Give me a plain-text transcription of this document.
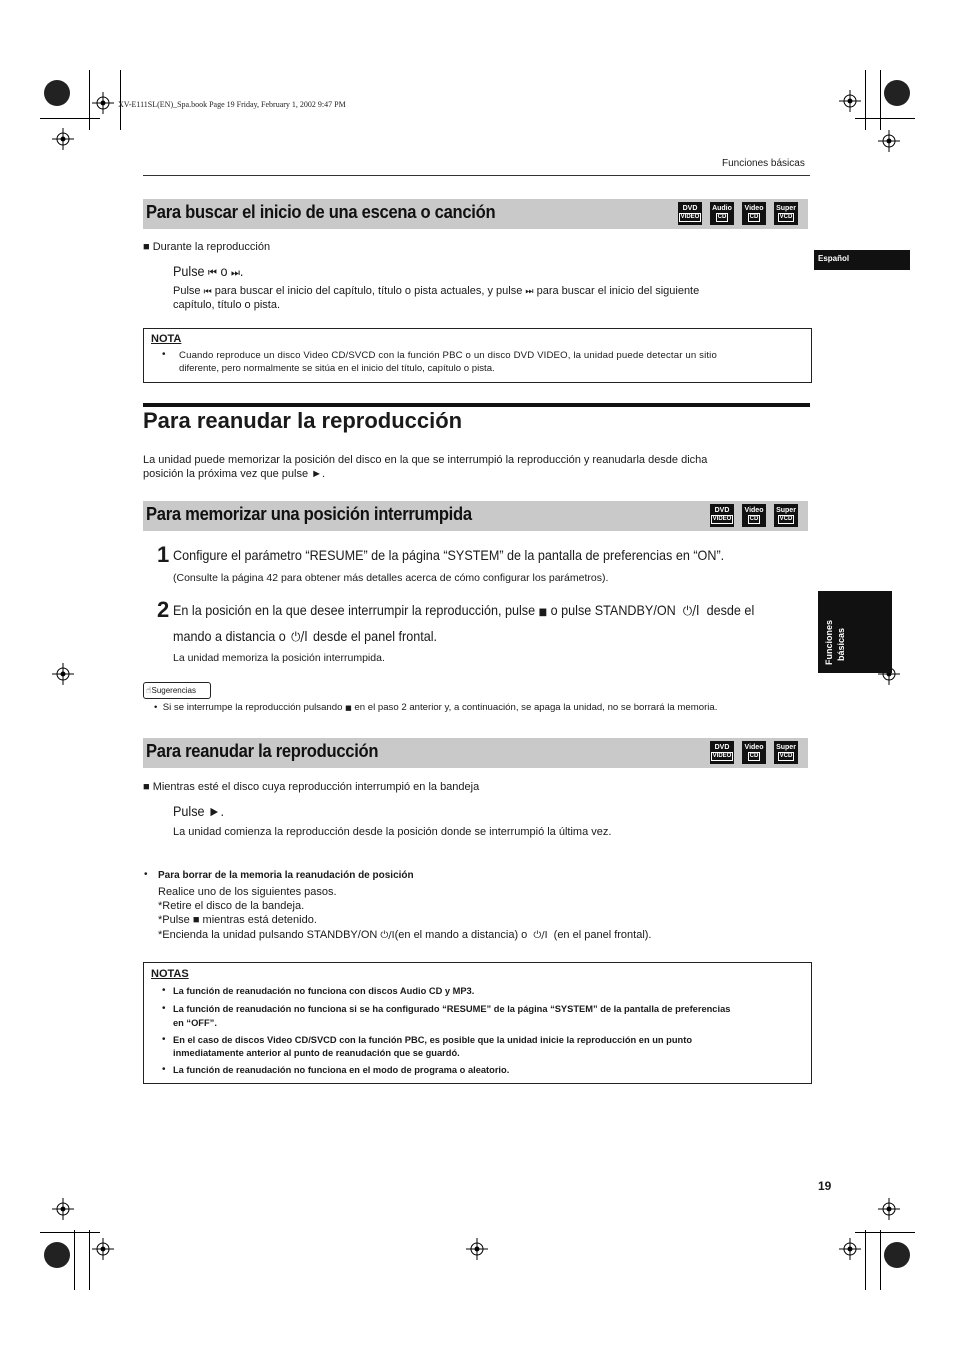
XV-E111SL(EN)_Spa.book Page 19 Friday, February 1, 2002 9:47 PM
Funciones básicas
Español
Funciones básicas
Para buscar el inicio de una escena o canción	DVD
VIDEO
Audio
CD
Video
CD
Super
VCD
■ Durante la reproducción
Pulse ⏮ o ⏭.
Pulse ⏮ para buscar el inicio del capítulo, título o pista actuales, y pulse ⏭ para buscar el inicio del siguiente
capítulo, título o pista.
NOTA
• Cuando reproduce un disco Video CD/SVCD con la función PBC o un disco DVD VIDEO, la unidad puede detectar un sitio
diferente, pero normalmente se sitúa en el inicio del título, capítulo o pista.
Para reanudar la reproducción
La unidad puede memorizar la posición del disco en la que se interrumpió la reproducción y reanudarla desde dicha
posición la próxima vez que pulse ►.
Para memorizar una posición interrumpida	DVD
VIDEO
Video
CD
Super
VCD
1 Configure el parámetro “RESUME” de la página “SYSTEM” de la pantalla de preferencias en “ON”.
(Consulte la página 42 para obtener más detalles acerca de cómo configurar los parámetros).
2 En la posición en la que desee interrumpir la reproducción, pulse ■ o pulse STANDBY/ON ⏻/I desde el
mando a distancia o ⏻/I desde el panel frontal.
La unidad memoriza la posición interrumpida.
☝Sugerencias
•  Si se interrumpe la reproducción pulsando ■ en el paso 2 anterior y, a continuación, se apaga la unidad, no se borrará la memoria.
Para reanudar la reproducción	DVD
VIDEO
Video
CD
Super
VCD
■ Mientras esté el disco cuya reproducción interrumpió en la bandeja
Pulse ►.
La unidad comienza la reproducción desde la posición donde se interrumpió la última vez.
• Para borrar de la memoria la reanudación de posición
Realice uno de los siguientes pasos.
*Retire el disco de la bandeja.
*Pulse ■ mientras está detenido.
*Encienda la unidad pulsando STANDBY/ON ⏻/I(en el mando a distancia) o ⏻/I (en el panel frontal).
NOTAS
• La función de reanudación no funciona con discos Audio CD y MP3.
• La función de reanudación no funciona si se ha configurado “RESUME” de la página “SYSTEM” de la pantalla de preferencias
en “OFF”.
• En el caso de discos Video CD/SVCD con la función PBC, es posible que la unidad inicie la reproducción en un punto
inmediatamente anterior al punto de reanudación que se guardó.
• La función de reanudación no funciona en el modo de programa o aleatorio.
19
